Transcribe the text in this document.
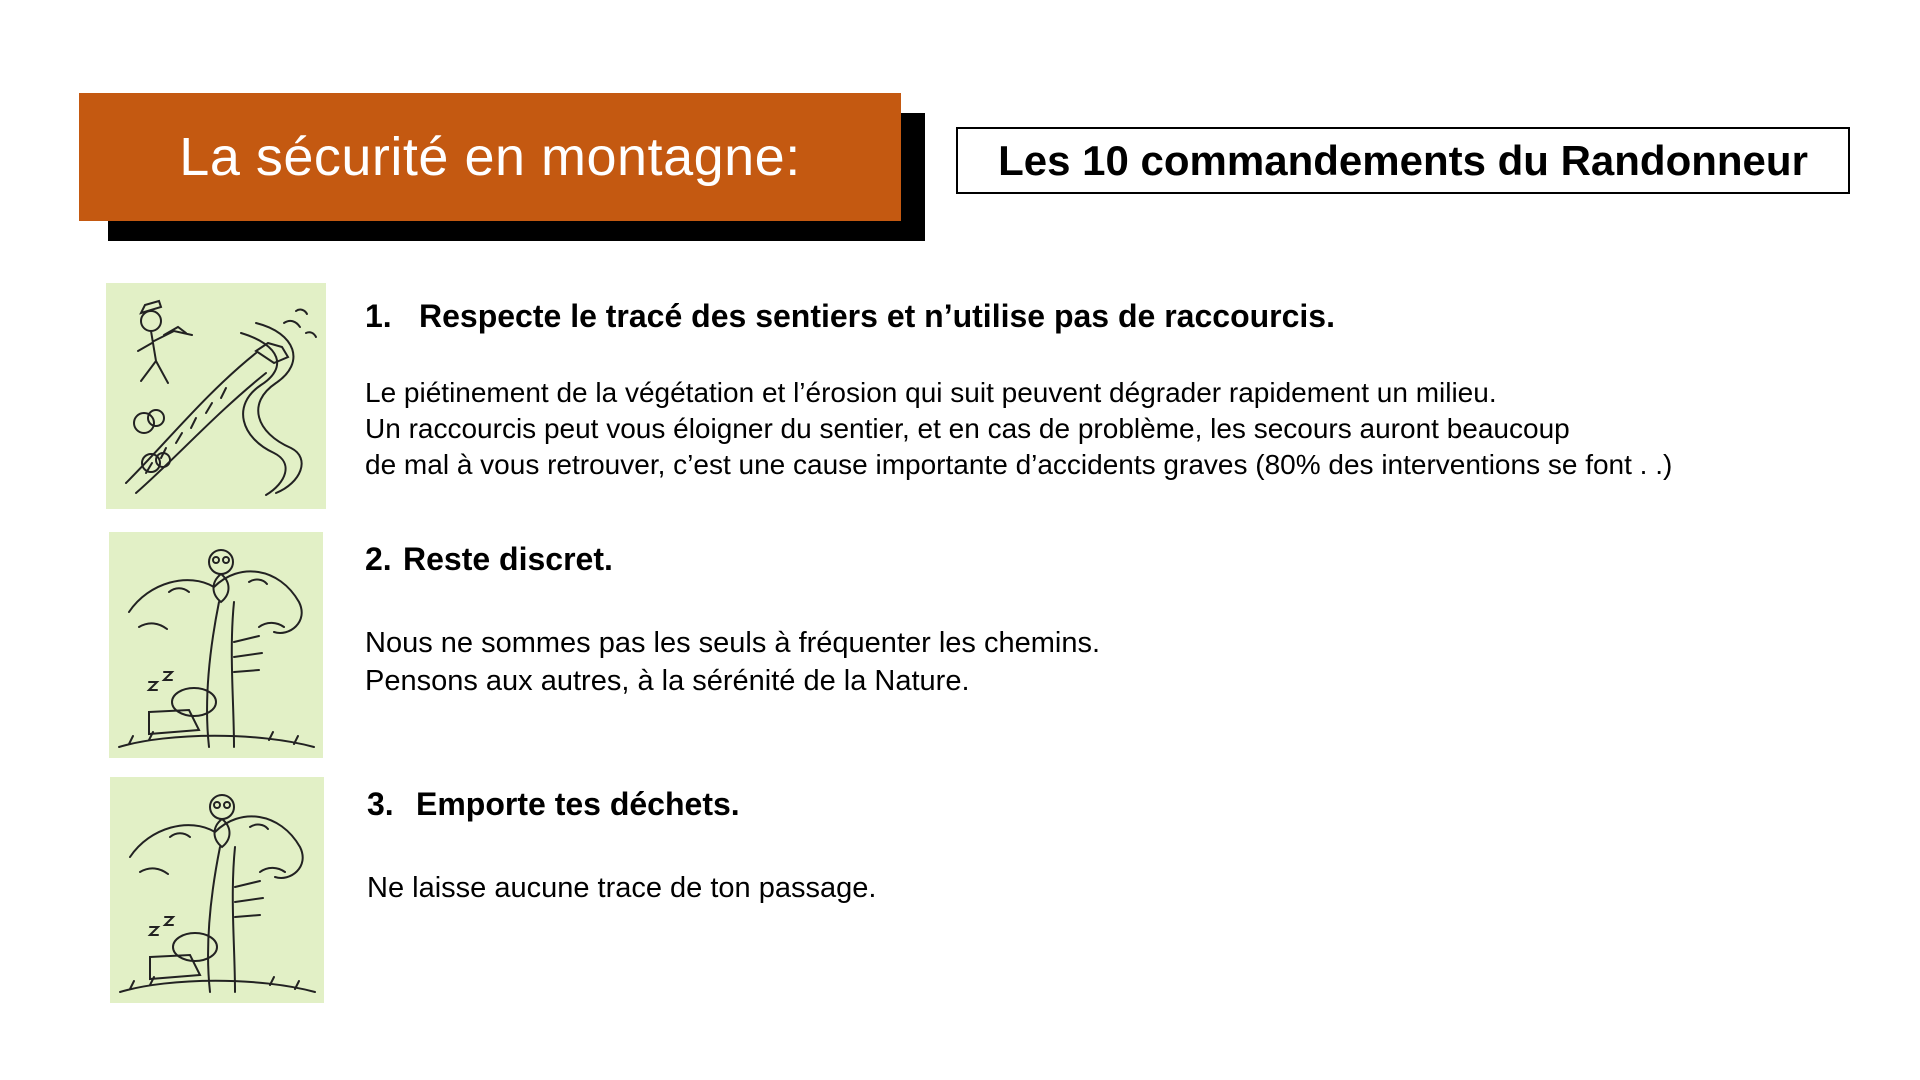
La sécurité en montagne:	Les 10 commandements du Randonneur

1. Respecte le tracé des sentiers et n’utilise pas de raccourcis.

Le piétinement de la végétation et l’érosion qui suit peuvent dégrader rapidement un milieu.
Un raccourcis peut vous éloigner du sentier, et en cas de problème, les secours auront beaucoup
de mal à vous retrouver, c’est une cause importante d’accidents graves (80% des interventions se font . .)

2. Reste discret.

Nous ne sommes pas les seuls à fréquenter les chemins.
Pensons aux autres, à la sérénité de la Nature.

3. Emporte tes déchets.

Ne laisse aucune trace de ton passage.
